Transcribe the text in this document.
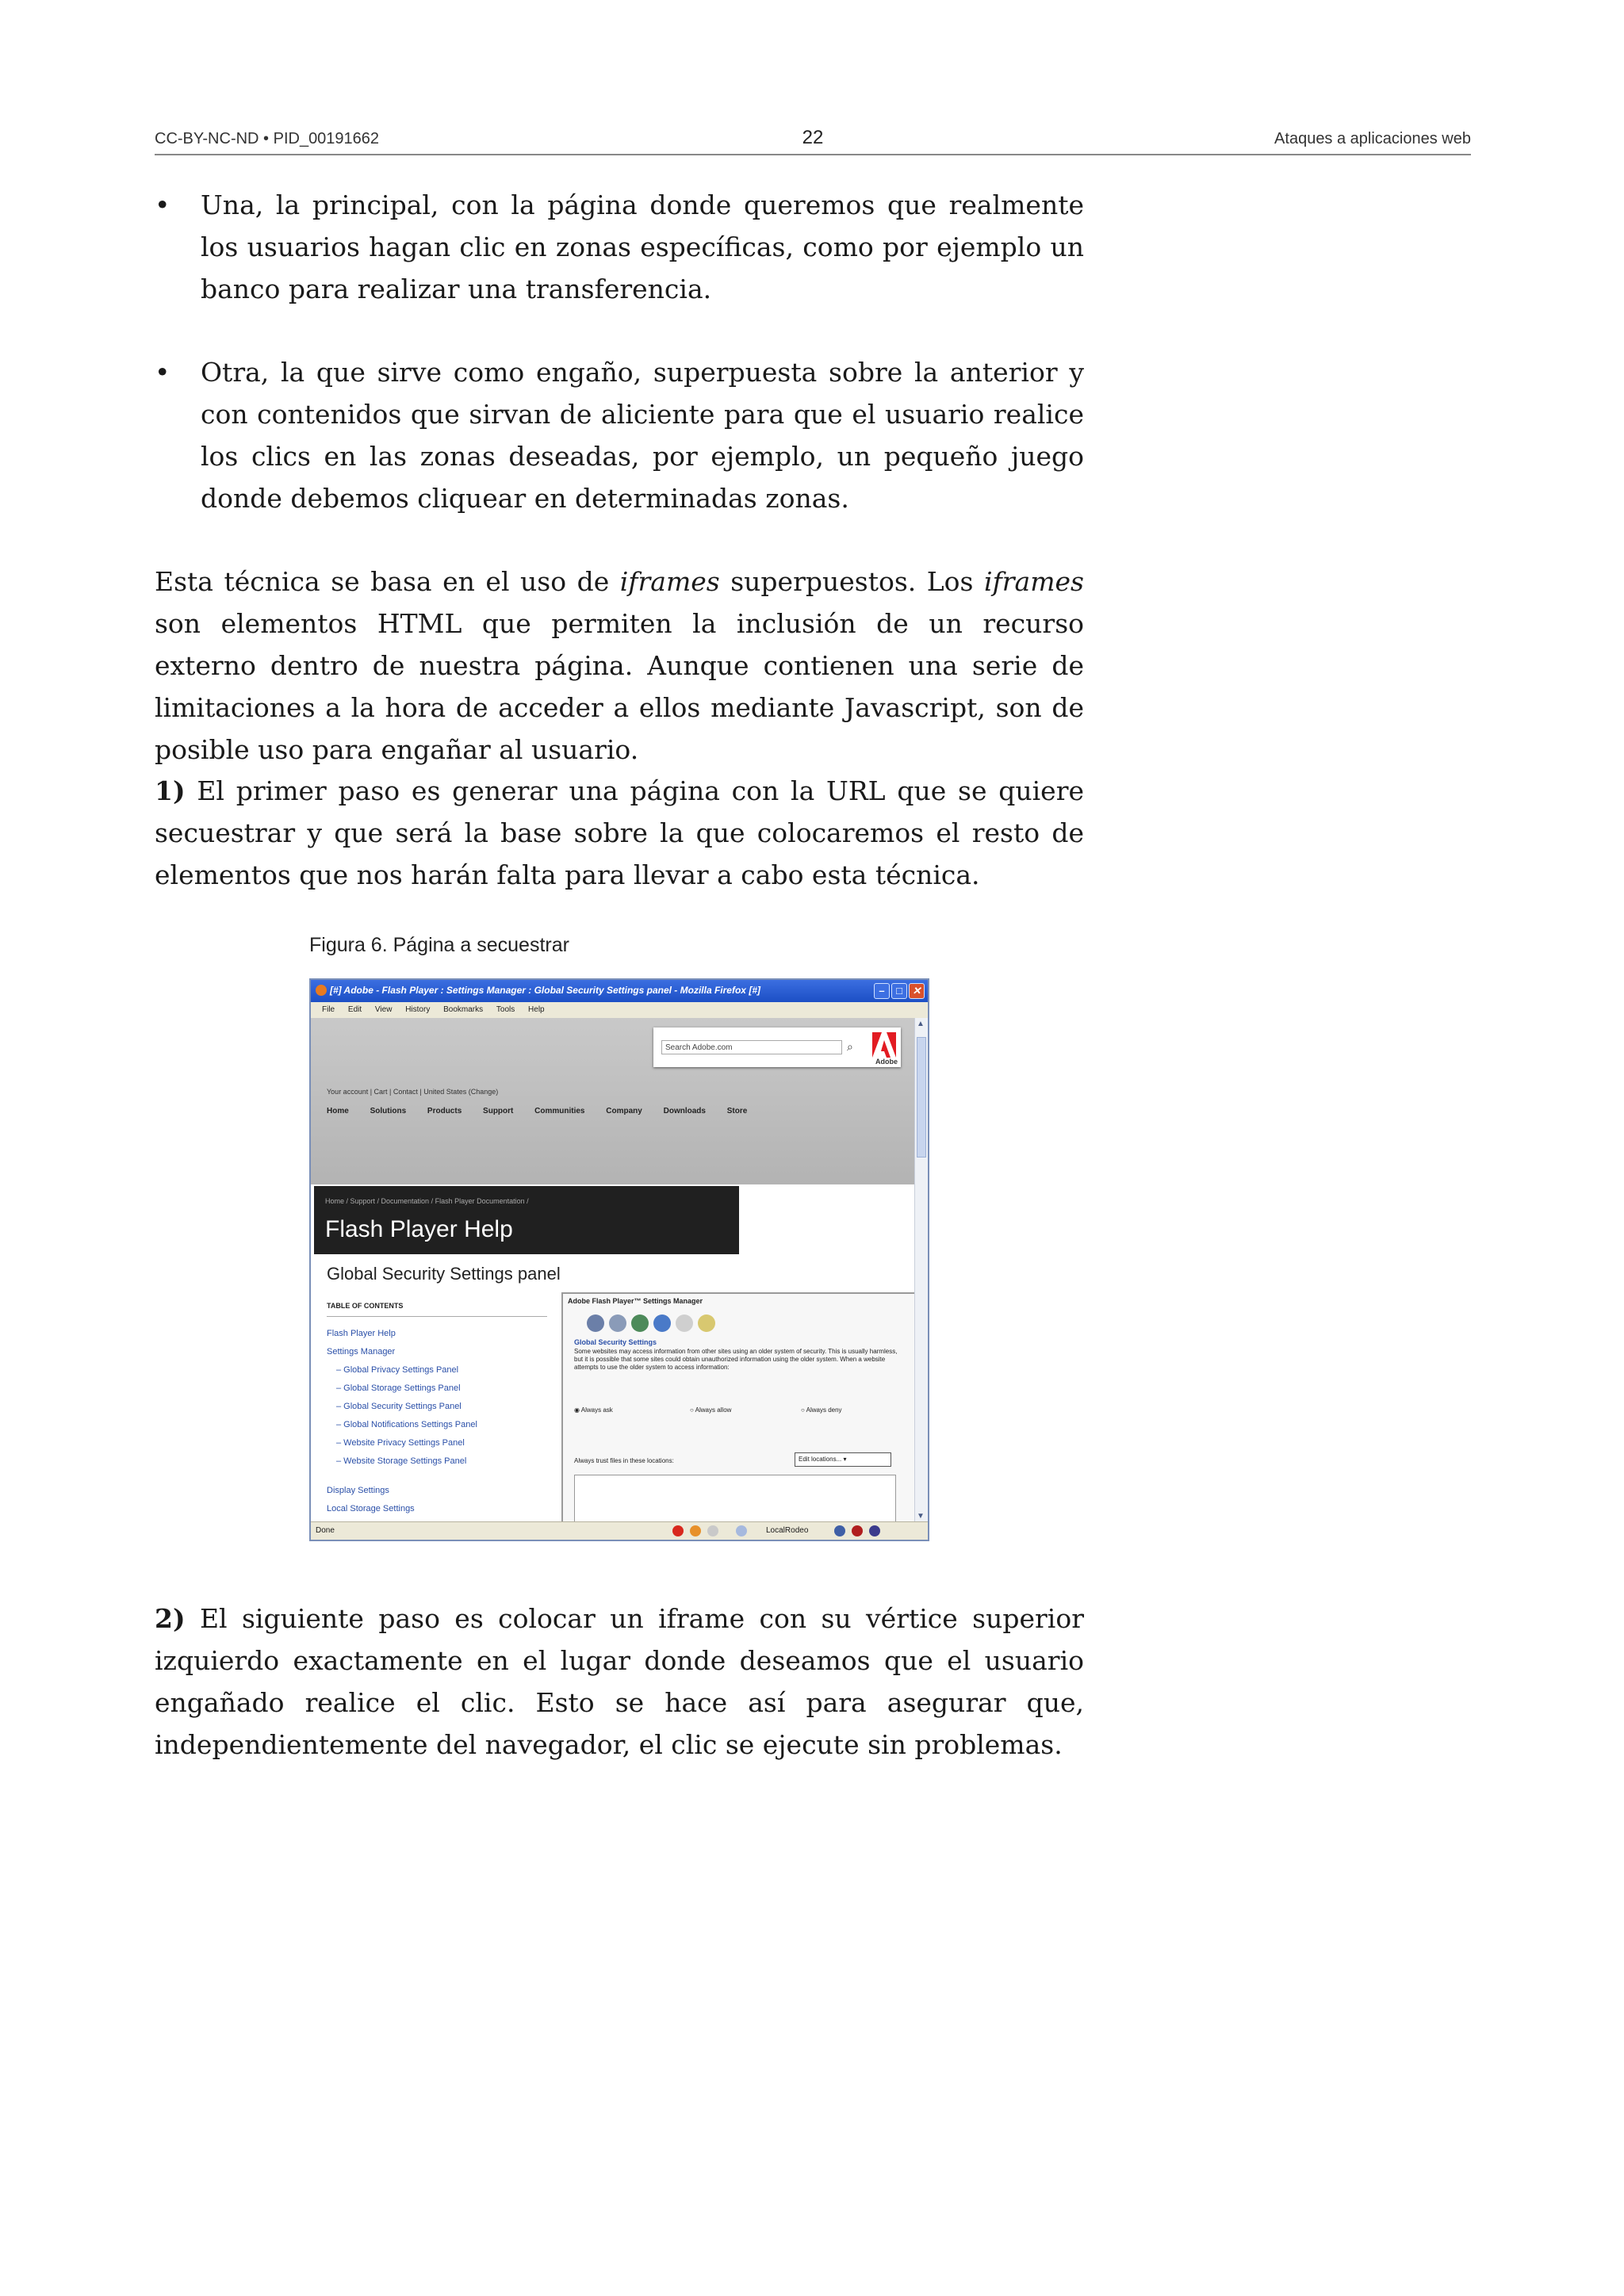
CC-BY-NC-ND • PID_00191662	22	Ataques a aplicaciones web
• Una, la principal, con la página donde queremos que realmente los usuarios hagan clic en zonas específicas, como por ejemplo un banco para realizar una transferencia.
• Otra, la que sirve como engaño, superpuesta sobre la anterior y con contenidos que sirvan de aliciente para que el usuario realice los clics en las zonas deseadas, por ejemplo, un pequeño juego donde debemos cliquear en determinadas zonas.
Esta técnica se basa en el uso de iframes superpuestos. Los iframes son elementos HTML que permiten la inclusión de un recurso externo dentro de nuestra página. Aunque contienen una serie de limitaciones a la hora de acceder a ellos mediante Javascript, son de posible uso para engañar al usuario.
1) El primer paso es generar una página con la URL que se quiere secuestrar y que será la base sobre la que colocaremos el resto de elementos que nos harán falta para llevar a cabo esta técnica.
Figura 6. Página a secuestrar
[#] Adobe - Flash Player : Settings Manager : Global Security Settings panel - Mozilla Firefox [#]	–	□ ✕
File Edit View History Bookmarks Tools Help
Search Adobe.com	⌕
Adobe
Your account | Cart | Contact | United States (Change)
Home	Solutions	Products	Support	Communities	Company	Downloads	Store
Home / Support / Documentation / Flash Player Documentation /
Flash Player Help
Global Security Settings panel
TABLE OF CONTENTS
Flash Player Help
Settings Manager
– Global Privacy Settings Panel
– Global Storage Settings Panel
– Global Security Settings Panel
– Global Notifications Settings Panel
– Website Privacy Settings Panel
– Website Storage Settings Panel
Display Settings
Local Storage Settings
Adobe Flash Player™ Settings Manager
Global Security Settings
Some websites may access information from other sites using an older system of security. This is usually harmless, but it is possible that some sites could obtain unauthorized information using the older system. When a website attempts to use the older system to access information:
◉ Always ask	○ Always allow	○ Always deny
Always trust files in these locations:	Edit locations... ▾
▲
▼
Done	LocalRodeo
2) El siguiente paso es colocar un iframe con su vértice superior izquierdo exactamente en el lugar donde deseamos que el usuario engañado realice el clic. Esto se hace así para asegurar que, independientemente del navegador, el clic se ejecute sin problemas.
